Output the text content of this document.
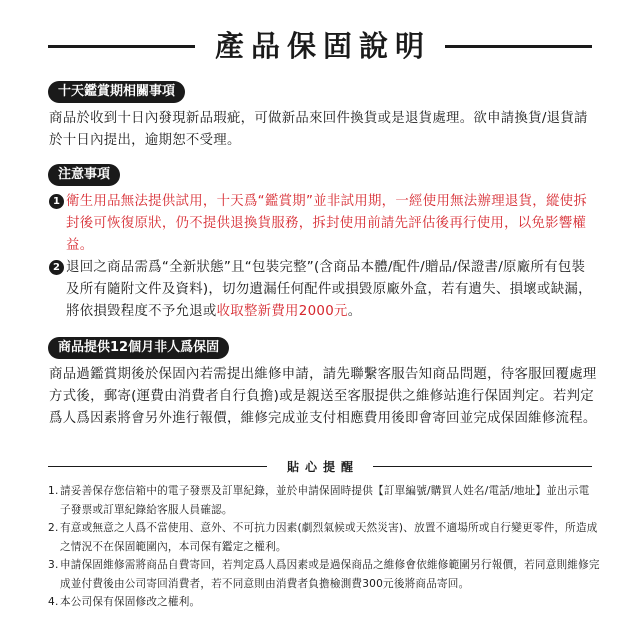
產品保固說明
十天鑑賞期相關事項

商品於收到十日內發現新品瑕疵，可做新品來回件換貨或是退貨處理。欲申請換貨/退貨請於十日內提出，逾期恕不受理。

注意事項
1 衛生用品無法提供試用，十天爲“鑑賞期”並非試用期，一經使用無法辦理退貨，縱使拆封後可恢復原狀，仍不提供退換貨服務，拆封使用前請先評估後再行使用，以免影響權益。
2 退回之商品需爲“全新狀態”且“包裝完整”(含商品本體/配件/贈品/保證書/原廠所有包裝及所有隨附文件及資料)，切勿遺漏任何配件或損毀原廠外盒，若有遺失、損壞或缺漏，將依損毀程度不予允退或收取整新費用2000元。
商品提供12個月非人爲保固

商品過鑑賞期後於保固內若需提出維修申請，請先聯繫客服告知商品問題，待客服回覆處理方式後，郵寄(運費由消費者自行負擔)或是親送至客服提供之維修站進行保固判定。若判定爲人爲因素將會另外進行報價，維修完成並支付相應費用後即會寄回並完成保固維修流程。

貼心提醒
1. 請妥善保存您信箱中的電子發票及訂單紀錄，並於申請保固時提供【訂單編號/購買人姓名/電話/地址】並出示電子發票或訂單紀錄給客服人員確認。
2. 有意或無意之人爲不當使用、意外、不可抗力因素(劇烈氣候或天然災害)、放置不適場所或自行變更零件，所造成之情況不在保固範圍內，本司保有鑑定之權利。
3. 申請保固維修需將商品自費寄回，若判定爲人爲因素或是過保商品之維修會依維修範圍另行報價，若同意則維修完成並付費後由公司寄回消費者，若不同意則由消費者負擔檢測費300元後將商品寄回。
4. 本公司保有保固修改之權利。
